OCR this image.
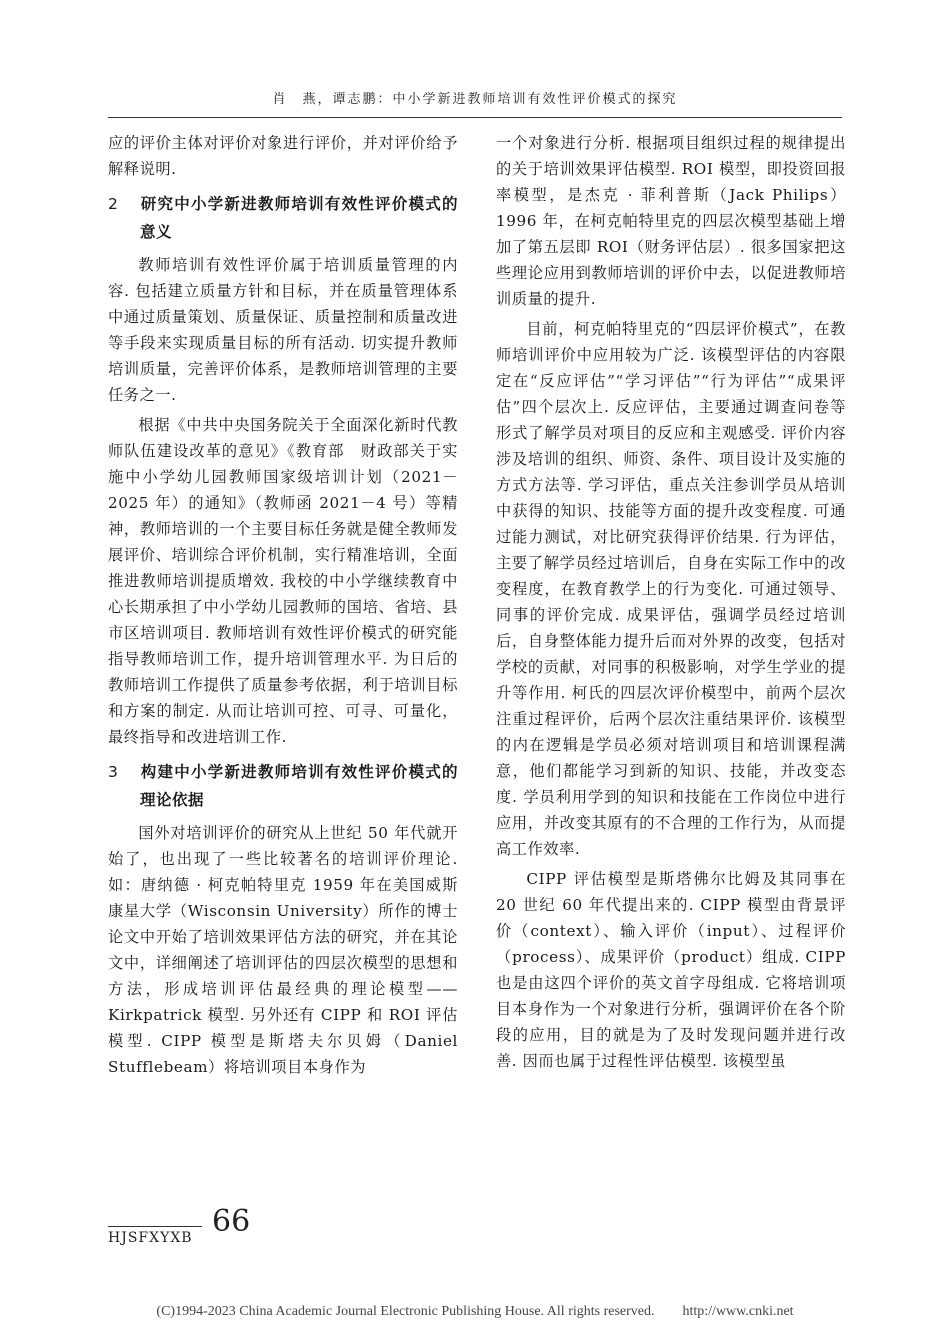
肖　燕，谭志鹏：中小学新进教师培训有效性评价模式的探究

应的评价主体对评价对象进行评价，并对评价给予解释说明.

2 研究中小学新进教师培训有效性评价模式的意义

教师培训有效性评价属于培训质量管理的内容. 包括建立质量方针和目标，并在质量管理体系中通过质量策划、质量保证、质量控制和质量改进等手段来实现质量目标的所有活动. 切实提升教师培训质量，完善评价体系，是教师培训管理的主要任务之一.

根据《中共中央国务院关于全面深化新时代教师队伍建设改革的意见》《教育部　财政部关于实施中小学幼儿园教师国家级培训计划（2021－2025 年）的通知》（教师函 2021－4 号）等精神，教师培训的一个主要目标任务就是健全教师发展评价、培训综合评价机制，实行精准培训，全面推进教师培训提质增效. 我校的中小学继续教育中心长期承担了中小学幼儿园教师的国培、省培、县市区培训项目. 教师培训有效性评价模式的研究能指导教师培训工作，提升培训管理水平. 为日后的教师培训工作提供了质量参考依据，利于培训目标和方案的制定. 从而让培训可控、可寻、可量化，最终指导和改进培训工作.

3 构建中小学新进教师培训有效性评价模式的理论依据

国外对培训评价的研究从上世纪 50 年代就开始了，也出现了一些比较著名的培训评价理论. 如：唐纳德 · 柯克帕特里克 1959 年在美国威斯康星大学（Wisconsin University）所作的博士论文中开始了培训效果评估方法的研究，并在其论文中，详细阐述了培训评估的四层次模型的思想和方法，形成培训评估最经典的理论模型——Kirkpatrick 模型. 另外还有 CIPP 和 ROI 评估模型. CIPP 模型是斯塔夫尔贝姆（Daniel Stufflebeam）将培训项目本身作为

一个对象进行分析. 根据项目组织过程的规律提出的关于培训效果评估模型. ROI 模型，即投资回报率模型，是杰克 · 菲利普斯（Jack Philips）1996 年，在柯克帕特里克的四层次模型基础上增加了第五层即 ROI（财务评估层）. 很多国家把这些理论应用到教师培训的评价中去，以促进教师培训质量的提升.

目前，柯克帕特里克的“四层评价模式”，在教师培训评价中应用较为广泛. 该模型评估的内容限定在“反应评估”“学习评估”“行为评估”“成果评估”四个层次上. 反应评估，主要通过调查问卷等形式了解学员对项目的反应和主观感受. 评价内容涉及培训的组织、师资、条件、项目设计及实施的方式方法等. 学习评估，重点关注参训学员从培训中获得的知识、技能等方面的提升改变程度. 可通过能力测试，对比研究获得评价结果. 行为评估，主要了解学员经过培训后，自身在实际工作中的改变程度，在教育教学上的行为变化. 可通过领导、同事的评价完成. 成果评估，强调学员经过培训后，自身整体能力提升后而对外界的改变，包括对学校的贡献，对同事的积极影响，对学生学业的提升等作用. 柯氏的四层次评价模型中，前两个层次注重过程评价，后两个层次注重结果评价. 该模型的内在逻辑是学员必须对培训项目和培训课程满意，他们都能学习到新的知识、技能，并改变态度. 学员利用学到的知识和技能在工作岗位中进行应用，并改变其原有的不合理的工作行为，从而提高工作效率.

CIPP 评估模型是斯塔佛尔比姆及其同事在 20 世纪 60 年代提出来的. CIPP 模型由背景评价（context）、输入评价（input）、过程评价（process）、成果评价（product）组成. CIPP 也是由这四个评价的英文首字母组成. 它将培训项目本身作为一个对象进行分析，强调评价在各个阶段的应用，目的就是为了及时发现问题并进行改善. 因而也属于过程性评估模型. 该模型虽

HJSFXYXB 66
(C)1994-2023 China Academic Journal Electronic Publishing House. All rights reserved.　　http://www.cnki.net
